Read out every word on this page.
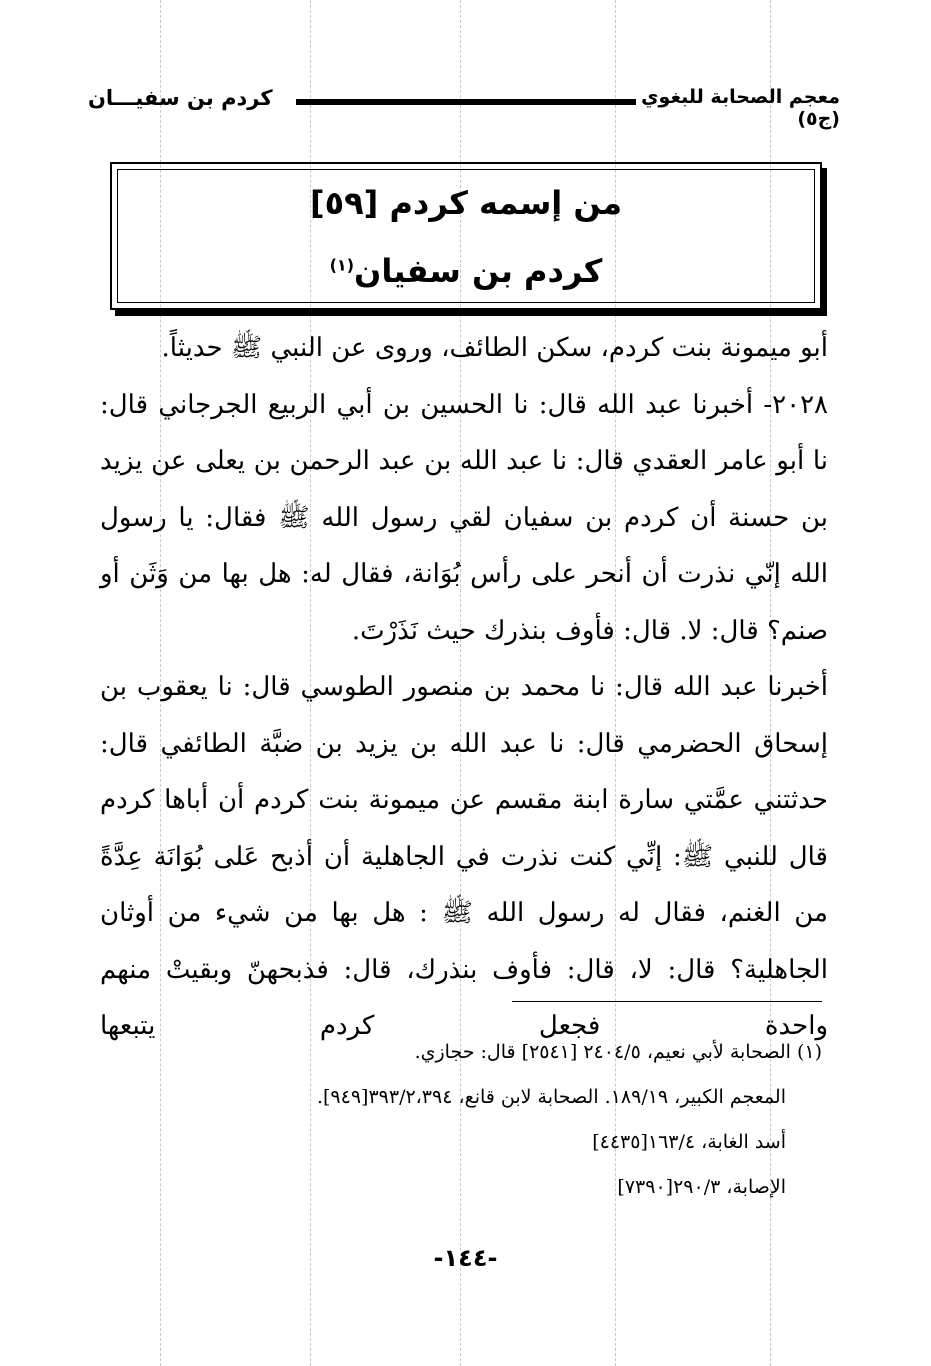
كردم بن سفيـــان	معجم الصحابة للبغوي (ج٥)
من إسمه كردم [٥٩]
كردم بن سفيان$^{(١)}$

أبو ميمونة بنت كردم، سكن الطائف، وروى عن النبي ﷺ حديثاً.

٢٠٢٨- أخبرنا عبد الله قال: نا الحسين بن أبي الربيع الجرجاني قال: نا أبو عامر العقدي قال: نا عبد الله بن عبد الرحمن بن يعلى عن يزيد بن حسنة أن كردم بن سفيان لقي رسول الله ﷺ فقال: يا رسول الله إنّي نذرت أن أنحر على رأس بُوَانة، فقال له: هل بها من وَثَن أو صنم؟ قال: لا. قال: فأوف بنذرك حيث نَذَرْتَ.

أخبرنا عبد الله قال: نا محمد بن منصور الطوسي قال: نا يعقوب بن إسحاق الحضرمي قال: نا عبد الله بن يزيد بن ضبَّة الطائفي قال: حدثتني عمَّتي سارة ابنة مقسم عن ميمونة بنت كردم أن أباها كردم قال للنبي ﷺ: إنِّي كنت نذرت في الجاهلية أن أذبح عَلى بُوَانَة عِدَّةً من الغنم، فقال له رسول الله ﷺ : هل بها من شيء من أوثان الجاهلية؟ قال: لا، قال: فأوف بنذرك، قال: فذبحهنّ وبقيتْ منهم واحدة فجعل كردم يتبعها

(١) الصحابة لأبي نعيم، ٢٤٠٤/٥ [٢٥٤١] قال: حجازي.

المعجم الكبير، ١٨٩/١٩. الصحابة لابن قانع، ٣٩٣/٢،٣٩٤[٩٤٩].

أسد الغابة، ١٦٣/٤[٤٤٣٥]

الإصابة، ٢٩٠/٣[٧٣٩٠]

-١٤٤-
